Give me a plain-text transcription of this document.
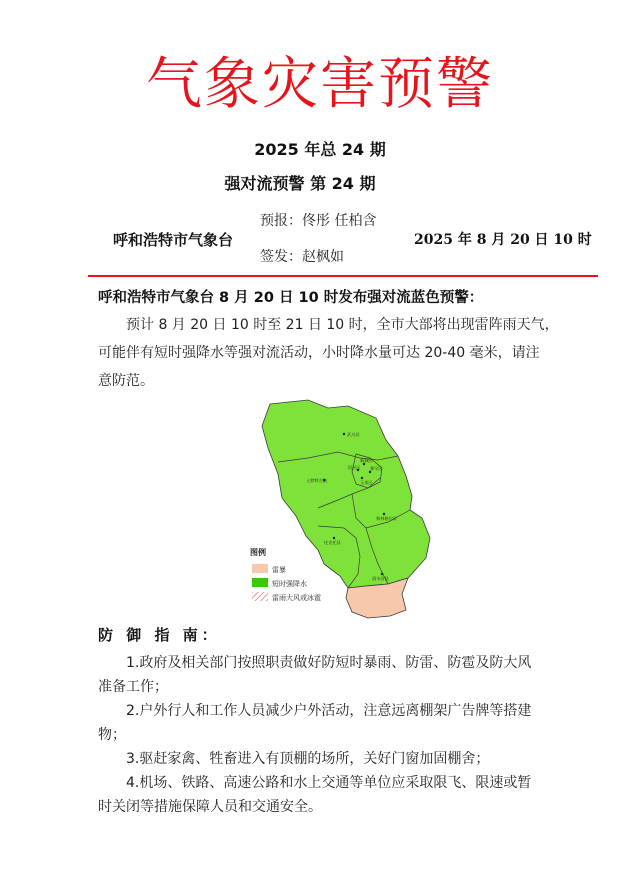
气象灾害预警
2025 年总 24 期
强对流预警 第 24 期
呼和浩特市气象台
预报：佟彤 任柏含
签发：赵枫如
2025 年 8 月 20 日 10 时
呼和浩特市气象台 8 月 20 日 10 时发布强对流蓝色预警：
预计 8 月 20 日 10 时至 21 日 10 时，全市大部将出现雷阵雨天气，
可能伴有短时强降水等强对流活动，小时降水量可达 20-40 毫米，请注
意防范。
武川县
新城区
回民区 赛罕区
玉泉区
土默特左旗
和林格尔县
托克托县
清水河县
图例
雷暴
短时强降水
雷雨大风或冰雹
防 御 指 南：
1.政府及相关部门按照职责做好防短时暴雨、防雷、防雹及防大风
准备工作；
2.户外行人和工作人员减少户外活动，注意远离棚架广告牌等搭建
物；
3.驱赶家禽、牲畜进入有顶棚的场所，关好门窗加固棚舍；
4.机场、铁路、高速公路和水上交通等单位应采取限飞、限速或暂
时关闭等措施保障人员和交通安全。
